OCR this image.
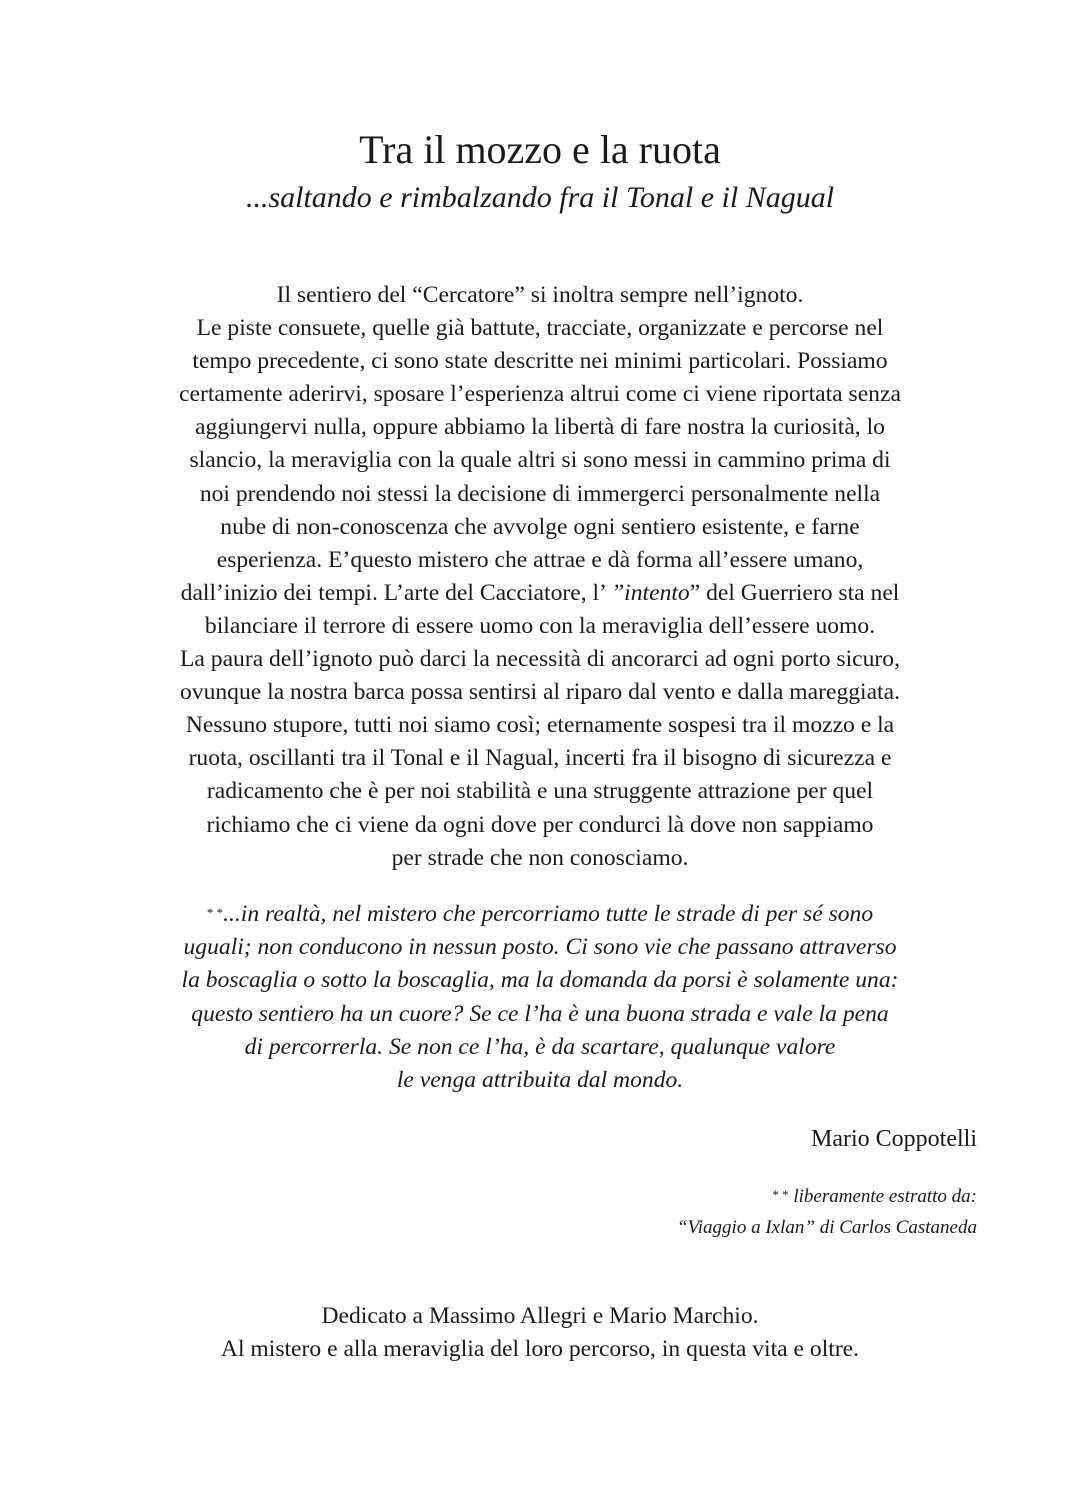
Tra il mozzo e la ruota
...saltando e rimbalzando fra il Tonal e il Nagual
Il sentiero del “Cercatore” si inoltra sempre nell’ignoto.
Le piste consuete, quelle già battute, tracciate, organizzate e percorse nel
tempo precedente, ci sono state descritte nei minimi particolari. Possiamo
certamente aderirvi, sposare l’esperienza altrui come ci viene riportata senza
aggiungervi nulla, oppure abbiamo la libertà di fare nostra la curiosità, lo
slancio, la meraviglia con la quale altri si sono messi in cammino prima di
noi prendendo noi stessi la decisione di immergerci personalmente nella
nube di non-conoscenza che avvolge ogni sentiero esistente, e farne
esperienza. E’questo mistero che attrae e dà forma all’essere umano,
dall’inizio dei tempi. L’arte del Cacciatore, l’ ”intento” del Guerriero sta nel
bilanciare il terrore di essere uomo con la meraviglia dell’essere uomo.
La paura dell’ignoto può darci la necessità di ancorarci ad ogni porto sicuro,
ovunque la nostra barca possa sentirsi al riparo dal vento e dalla mareggiata.
Nessuno stupore, tutti noi siamo così; eternamente sospesi tra il mozzo e la
ruota, oscillanti tra il Tonal e il Nagual, incerti fra il bisogno di sicurezza e
radicamento che è per noi stabilità e una struggente attrazione per quel
richiamo che ci viene da ogni dove per condurci là dove non sappiamo
per strade che non conosciamo.
* *...in realtà, nel mistero che percorriamo tutte le strade di per sé sono
uguali; non conducono in nessun posto. Ci sono vie che passano attraverso
la boscaglia o sotto la boscaglia, ma la domanda da porsi è solamente una:
questo sentiero ha un cuore? Se ce l’ha è una buona strada e vale la pena
di percorrerla. Se non ce l’ha, è da scartare, qualunque valore
le venga attribuita dal mondo.
Mario Coppotelli
* * liberamente estratto da:
“Viaggio a Ixlan” di Carlos Castaneda
Dedicato a Massimo Allegri e Mario Marchio.
Al mistero e alla meraviglia del loro percorso, in questa vita e oltre.
